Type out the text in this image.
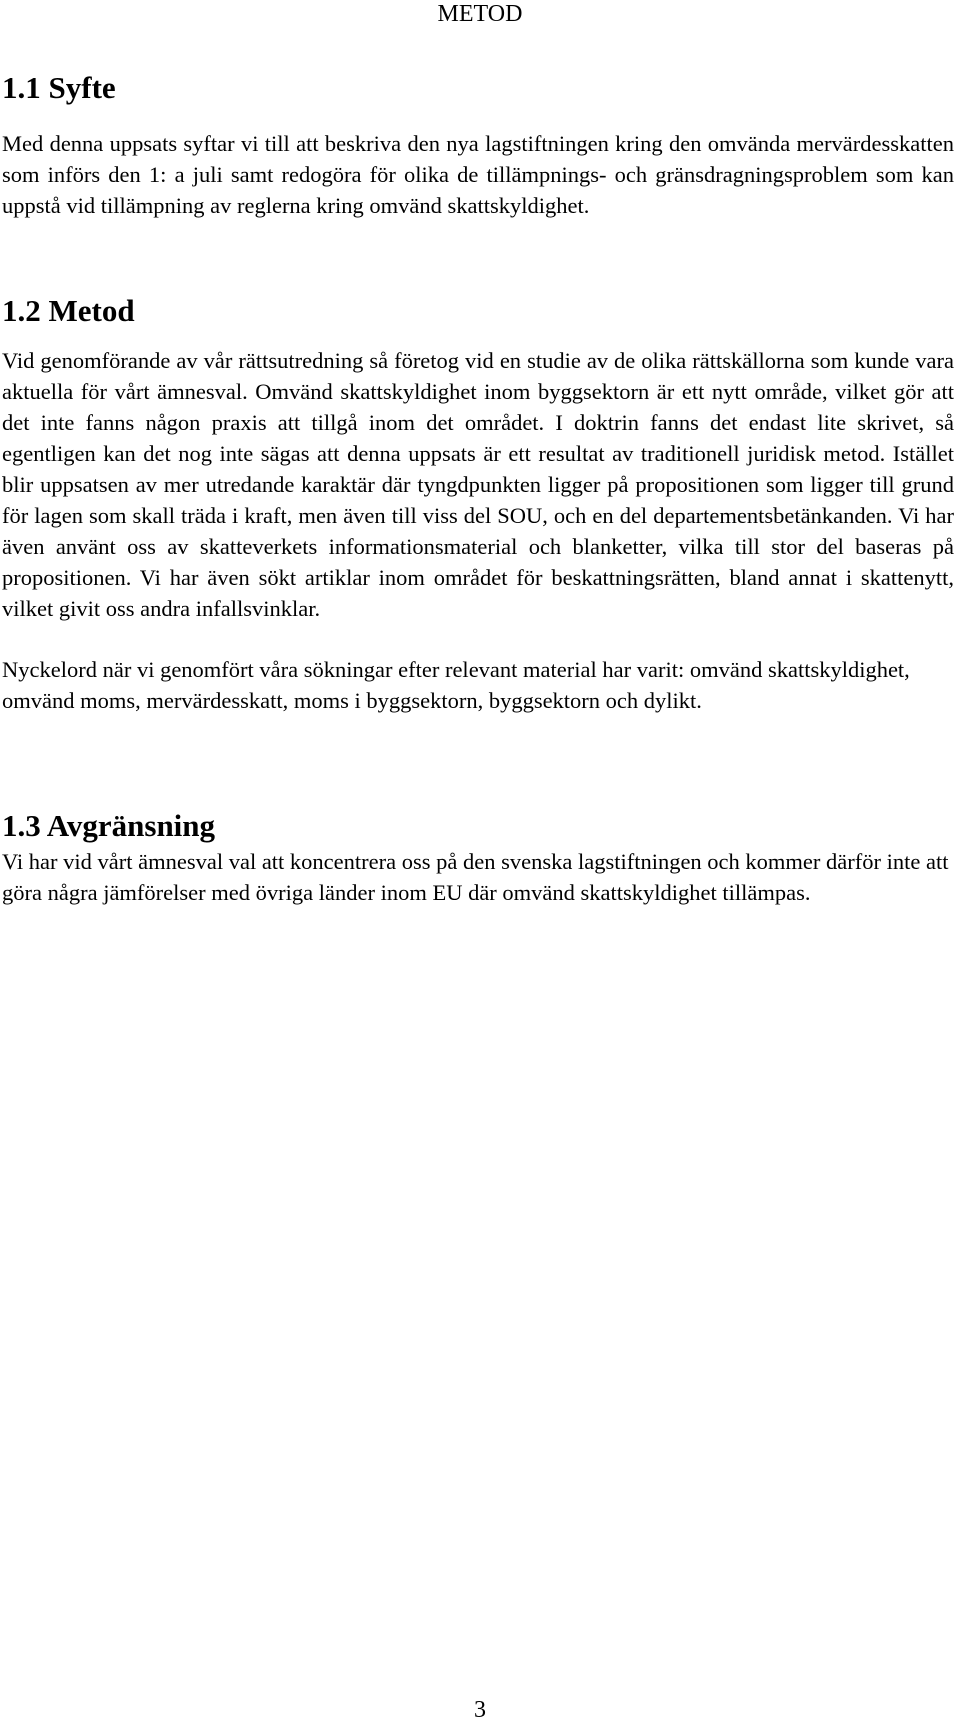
METOD
1.1 Syfte

Med denna uppsats syftar vi till att beskriva den nya lagstiftningen kring den omvända mervärdesskatten som införs den 1: a juli samt redogöra för olika de tillämpnings- och gränsdragningsproblem som kan uppstå vid tillämpning av reglerna kring omvänd skattskyldighet.

1.2 Metod

Vid genomförande av vår rättsutredning så företog vid en studie av de olika rättskällorna som kunde vara aktuella för vårt ämnesval. Omvänd skattskyldighet inom byggsektorn är ett nytt område, vilket gör att det inte fanns någon praxis att tillgå inom det området. I doktrin fanns det endast lite skrivet, så egentligen kan det nog inte sägas att denna uppsats är ett resultat av traditionell juridisk metod. Istället blir uppsatsen av mer utredande karaktär där tyngdpunkten ligger på propositionen som ligger till grund för lagen som skall träda i kraft, men även till viss del SOU, och en del departementsbetänkanden. Vi har även använt oss av skatteverkets informationsmaterial och blanketter, vilka till stor del baseras på propositionen. Vi har även sökt artiklar inom området för beskattningsrätten, bland annat i skattenytt, vilket givit oss andra infallsvinklar.

Nyckelord när vi genomfört våra sökningar efter relevant material har varit: omvänd skattskyldighet, omvänd moms, mervärdesskatt, moms i byggsektorn, byggsektorn och dylikt.

1.3 Avgränsning

Vi har vid vårt ämnesval val att koncentrera oss på den svenska lagstiftningen och kommer därför inte att göra några jämförelser med övriga länder inom EU där omvänd skattskyldighet tillämpas.

3
